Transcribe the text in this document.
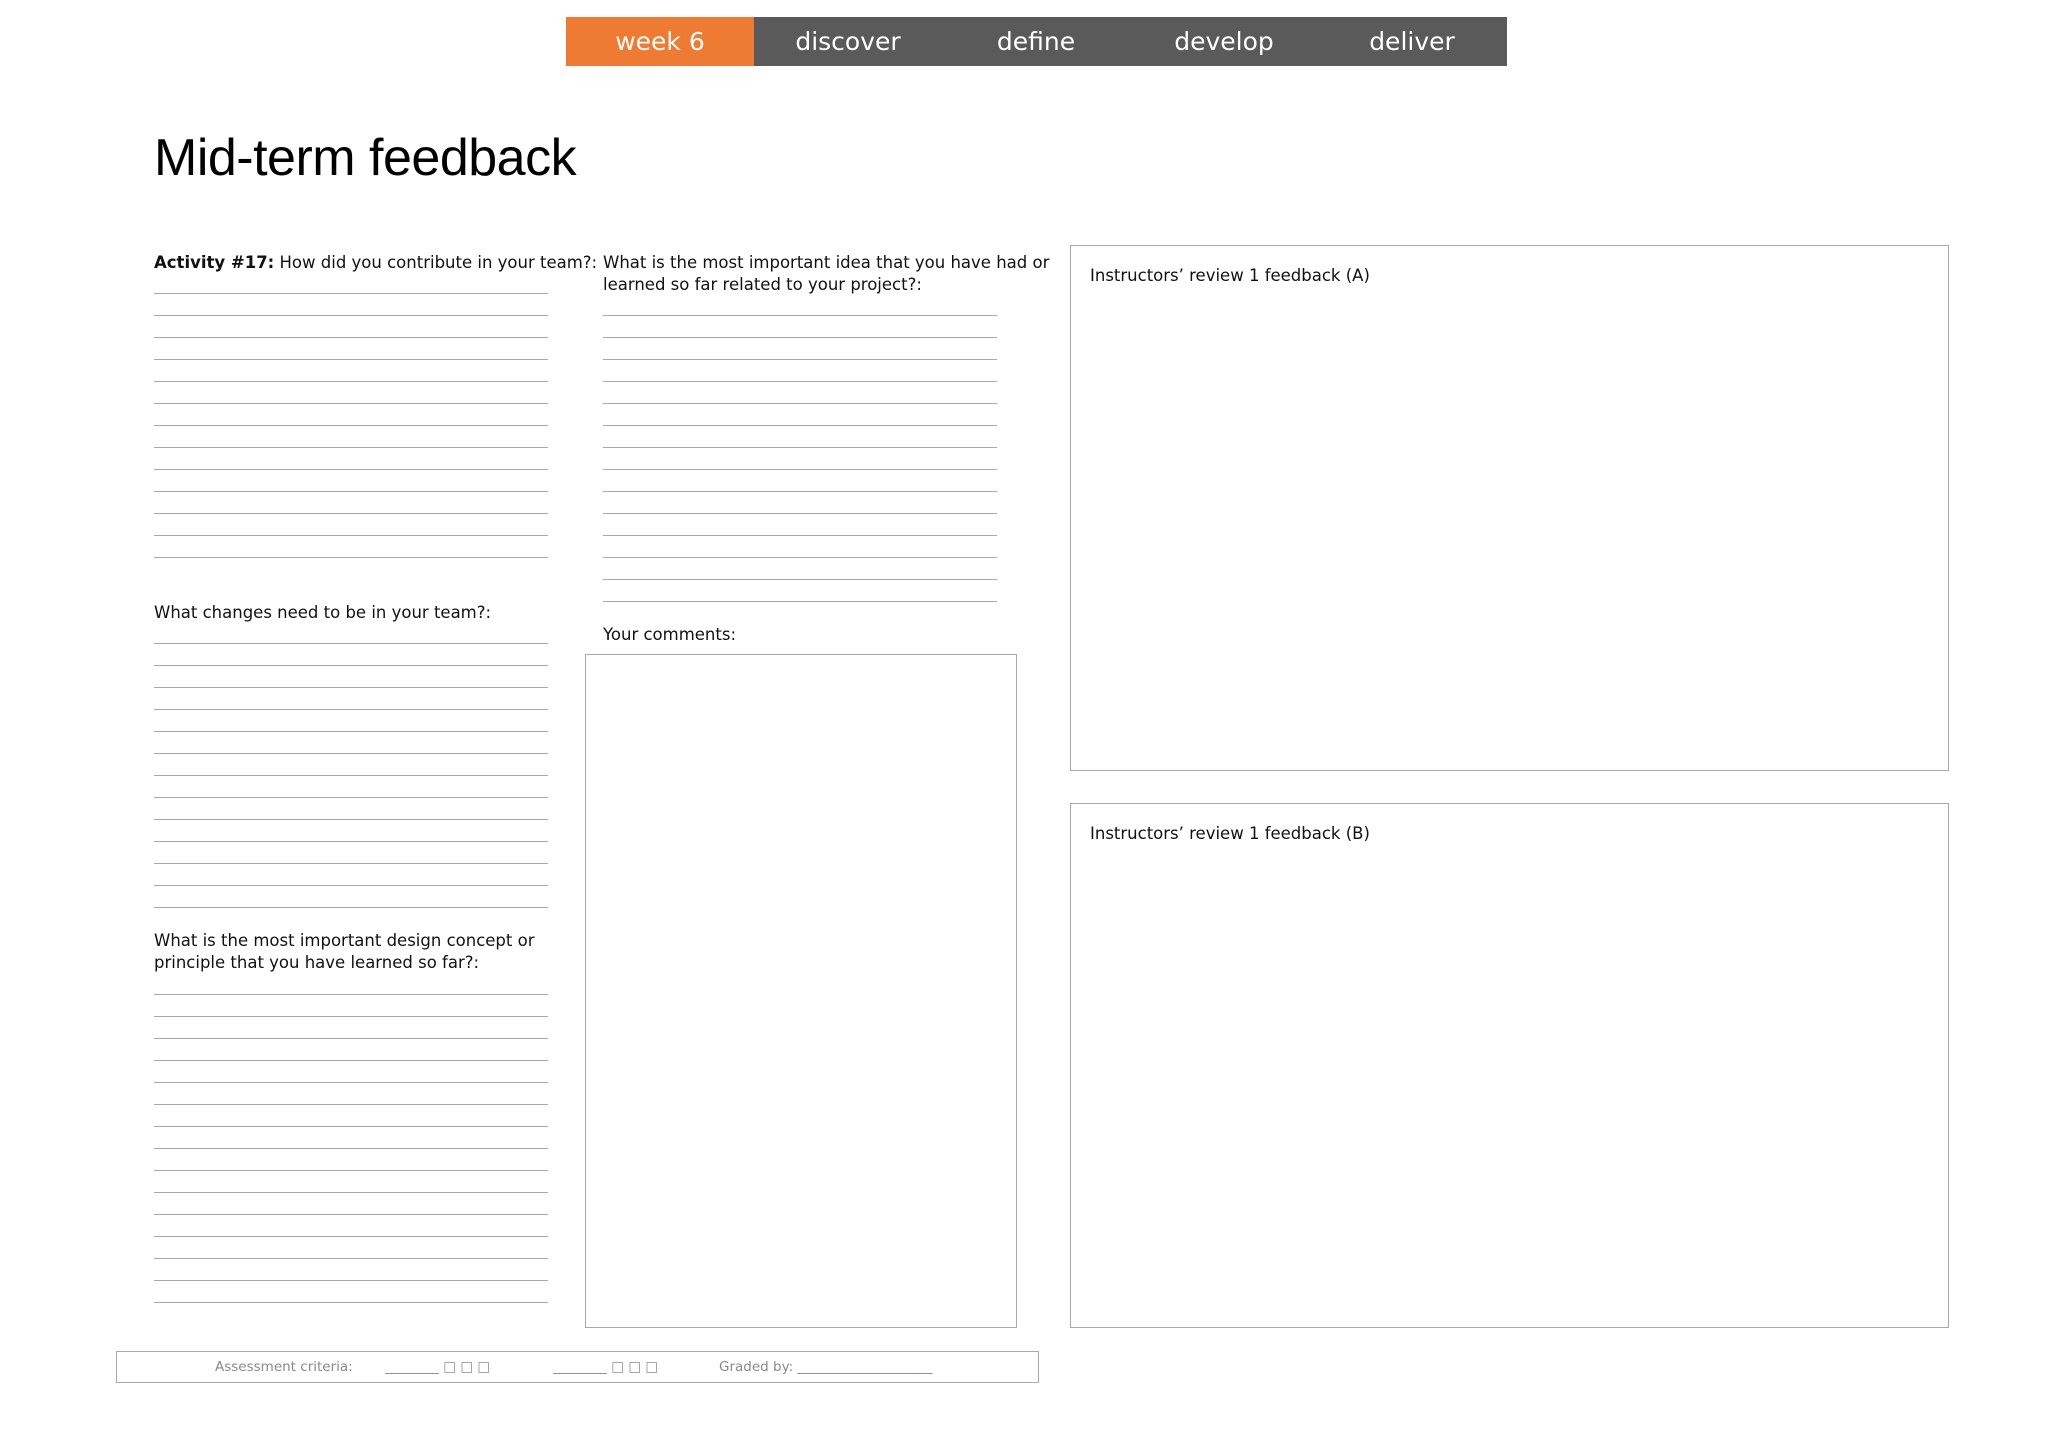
week 6	discover	define	develop	deliver
Mid-term feedback
Activity #17: How did you contribute in your team?:
What changes need to be in your team?:
What is the most important design concept or
principle that you have learned so far?:
What is the most important idea that you have had or
learned so far related to your project?:
Your comments:
Instructors’ review 1 feedback (A)
Instructors’ review 1 feedback (B)
Assessment criteria: ________ □ □ □	________ □ □ □	Graded by: ____________________
